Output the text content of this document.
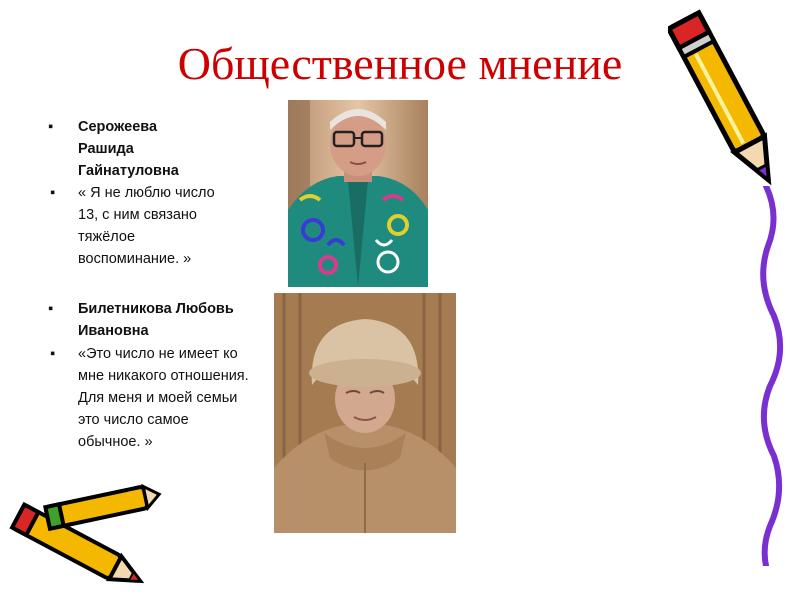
Общественное мнение

▪ Серожеева Рашида Гайнатуловна

▪ « Я не люблю число 13, с ним связано тяжёлое воспоминание. »

▪ Билетникова Любовь Ивановна

▪ «Это число не имеет ко мне никакого отношения. Для меня и моей семьи это число самое обычное. »
